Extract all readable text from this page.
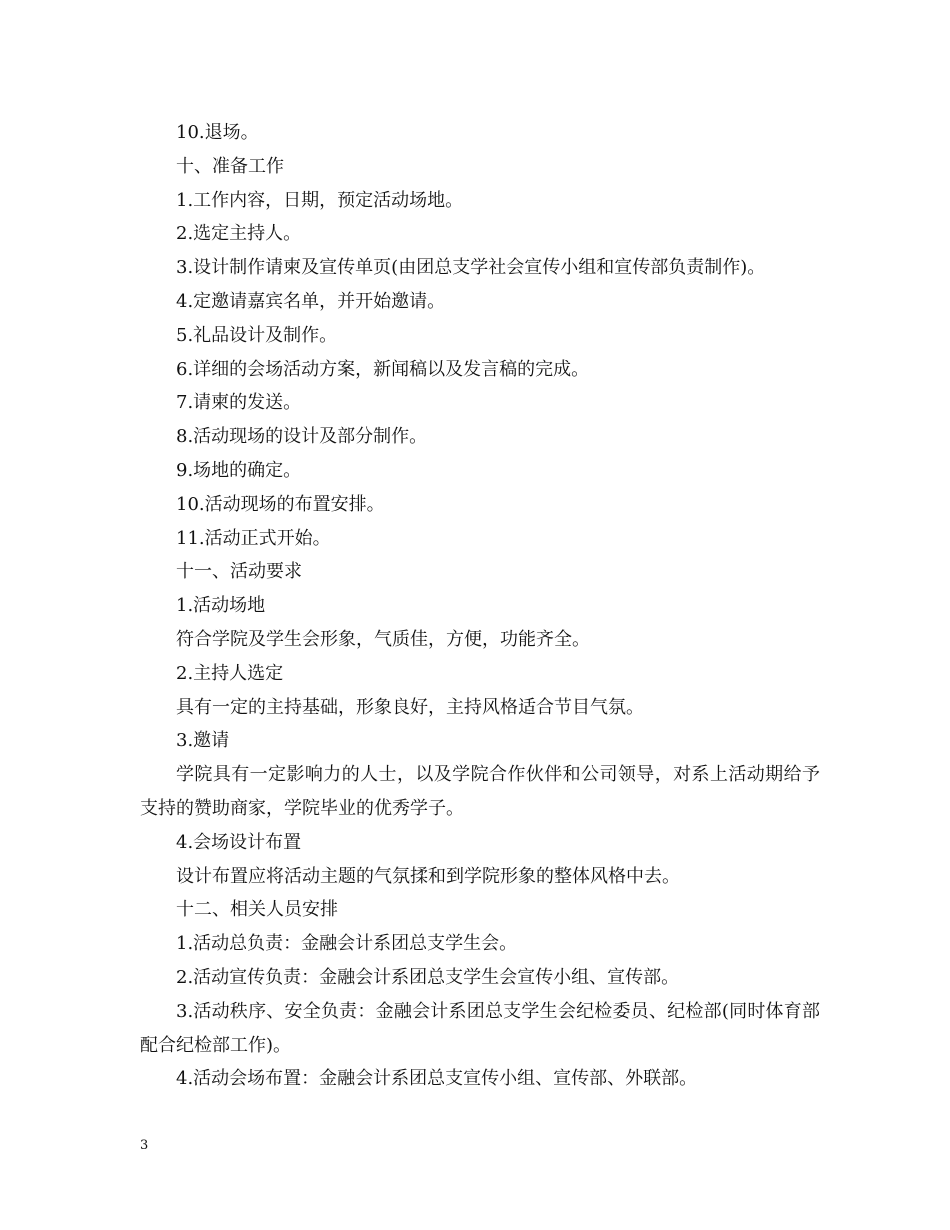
10.退场。

十、准备工作

1.工作内容，日期，预定活动场地。

2.选定主持人。

3.设计制作请柬及宣传单页(由团总支学社会宣传小组和宣传部负责制作)。

4.定邀请嘉宾名单，并开始邀请。

5.礼品设计及制作。

6.详细的会场活动方案，新闻稿以及发言稿的完成。

7.请柬的发送。

8.活动现场的设计及部分制作。

9.场地的确定。

10.活动现场的布置安排。

11.活动正式开始。

十一、活动要求

1.活动场地

符合学院及学生会形象，气质佳，方便，功能齐全。

2.主持人选定

具有一定的主持基础，形象良好，主持风格适合节目气氛。

3.邀请

学院具有一定影响力的人士，以及学院合作伙伴和公司领导，对系上活动期给予支持的赞助商家，学院毕业的优秀学子。

4.会场设计布置

设计布置应将活动主题的气氛揉和到学院形象的整体风格中去。

十二、相关人员安排

1.活动总负责：金融会计系团总支学生会。

2.活动宣传负责：金融会计系团总支学生会宣传小组、宣传部。

3.活动秩序、安全负责：金融会计系团总支学生会纪检委员、纪检部(同时体育部配合纪检部工作)。

4.活动会场布置：金融会计系团总支宣传小组、宣传部、外联部。

3
